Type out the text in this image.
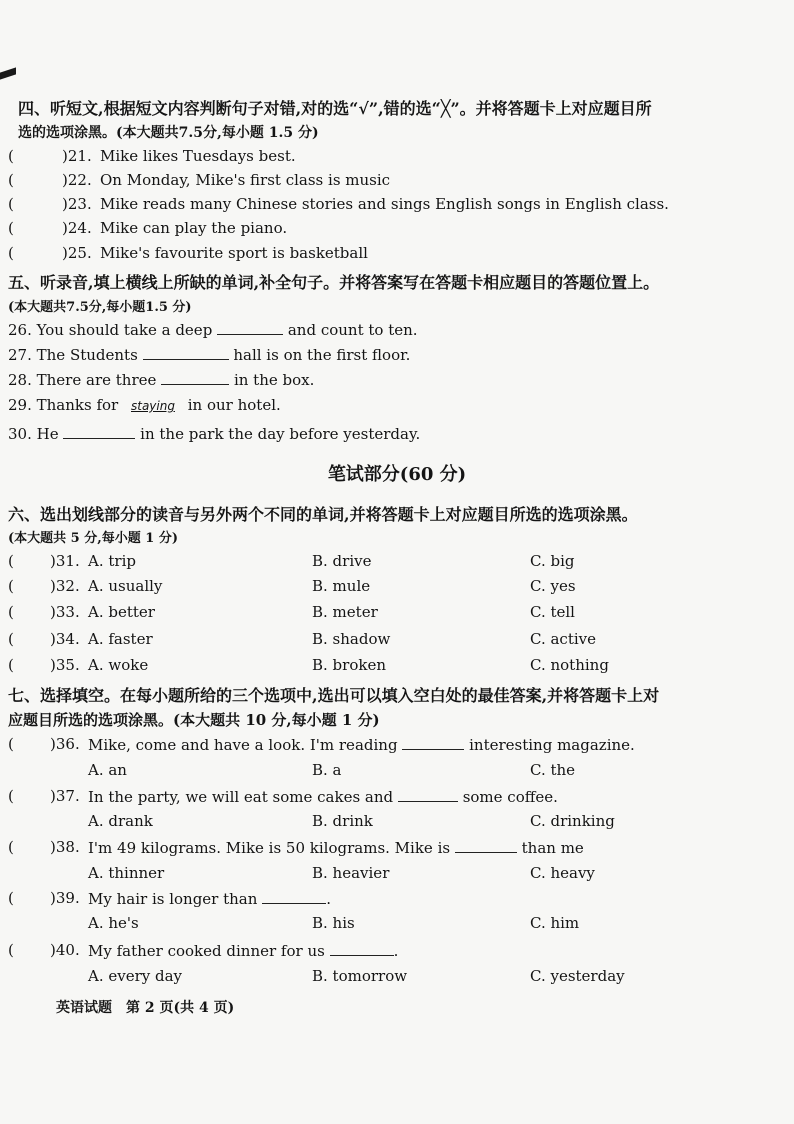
四、听短文,根据短文内容判断句子对错,对的选“√”,错的选“╳”。并将答题卡上对应题目所
选的选项涂黑。(本大题共7.5分,每小题 1.5 分)
(	)21. Mike likes Tuesdays best.
(	)22. On Monday, Mike's first class is music
(	)23. Mike reads many Chinese stories and sings English songs in English class.
(	)24. Mike can play the piano.
(	)25. Mike's favourite sport is basketball
五、听录音,填上横线上所缺的单词,补全句子。并将答案写在答题卡相应题目的答题位置上。
(本大题共7.5分,每小题1.5 分)
26. You should take a deep	and count to ten.
27. The Students	hall is on the first floor.
28. There are three	in the box.
29. Thanks for staying in our hotel.
30. He	in the park the day before yesterday.
笔试部分(60 分)
六、选出划线部分的读音与另外两个不同的单词,并将答题卡上对应题目所选的选项涂黑。
(本大题共 5 分,每小题 1 分)
( )31. A. trip	B. drive	C. big
( )32. A. usually	B. mule	C. yes
( )33. A. better	B. meter	C. tell
( )34. A. faster	B. shadow	C. active
( )35. A. woke	B. broken	C. nothing
七、选择填空。在每小题所给的三个选项中,选出可以填入空白处的最佳答案,并将答题卡上对
应题目所选的选项涂黑。(本大题共 10 分,每小题 1 分)
( )36. Mike, come and have a look. I'm reading	interesting magazine.
A. an	B. a	C. the
( )37. In the party, we will eat some cakes and	some coffee.
A. drank	B. drink	C. drinking
( )38. I'm 49 kilograms. Mike is 50 kilograms. Mike is	than me
A. thinner	B. heavier	C. heavy
( )39. My hair is longer than	.
A. he's	B. his	C. him
( )40. My father cooked dinner for us	.
A. every day	B. tomorrow	C. yesterday
英语试题　第 2 页(共 4 页)
